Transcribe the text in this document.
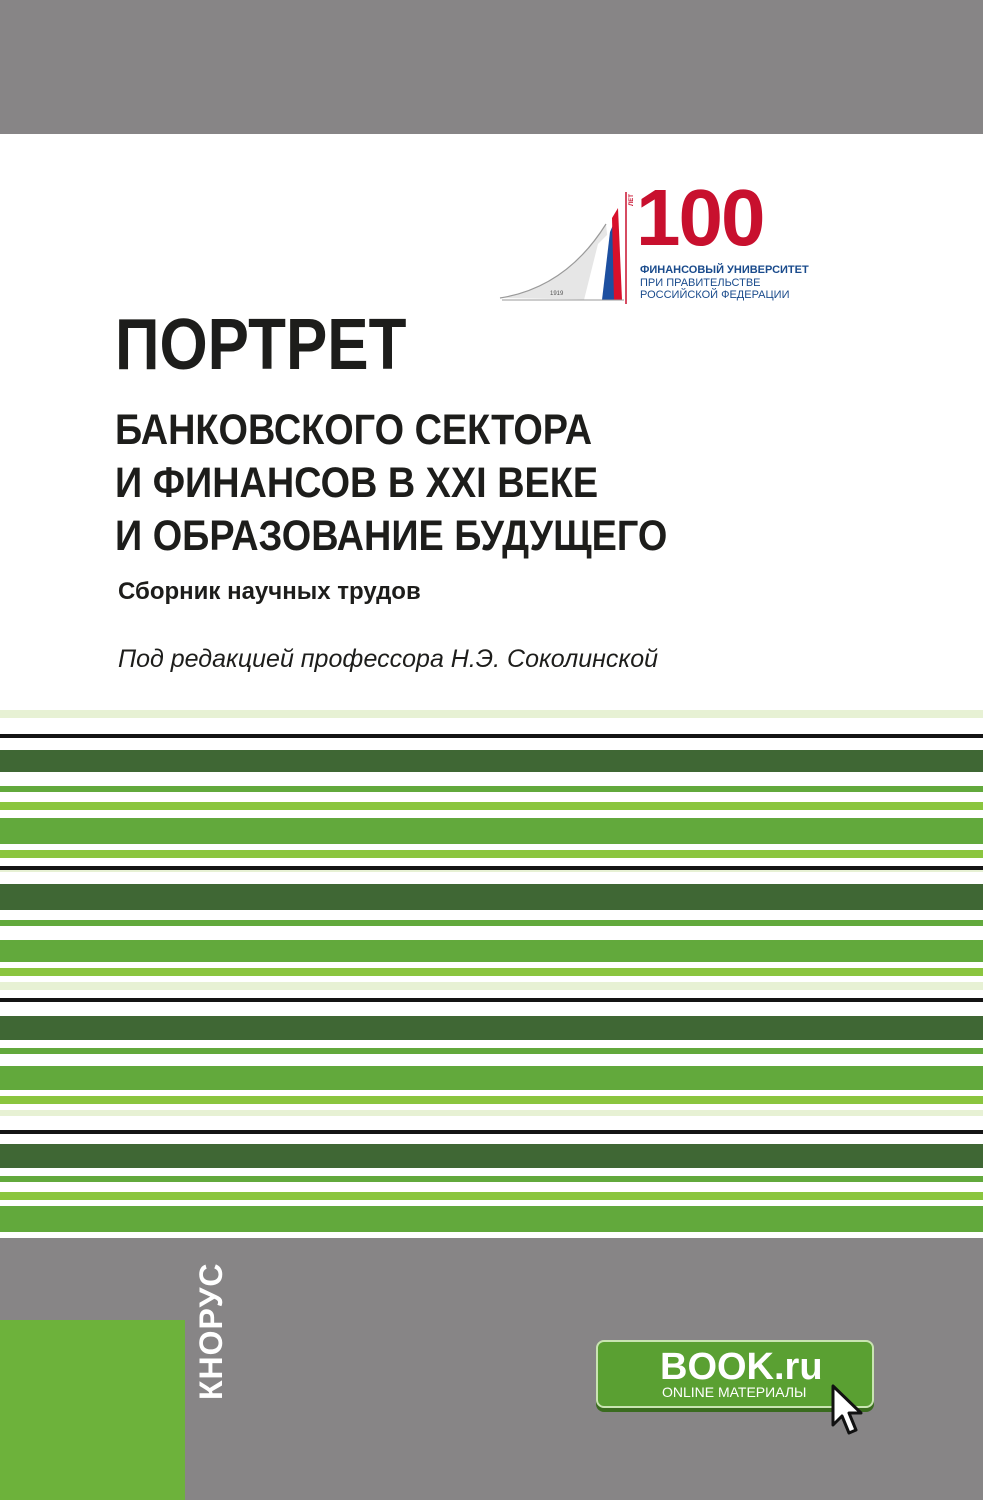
1919
ЛЕТ 100
ФИНАНСОВЫЙ УНИВЕРСИТЕТ
ПРИ ПРАВИТЕЛЬСТВЕ
РОССИЙСКОЙ ФЕДЕРАЦИИ
ПОРТРЕТ
БАНКОВСКОГО СЕКТОРА
И ФИНАНСОВ В XXI ВЕКЕ
И ОБРАЗОВАНИЕ БУДУЩЕГО
Сборник научных трудов
Под редакцией профессора Н.Э. Соколинской
КНОРУС	BOOK.ru
ONLINE МАТЕРИАЛЫ
